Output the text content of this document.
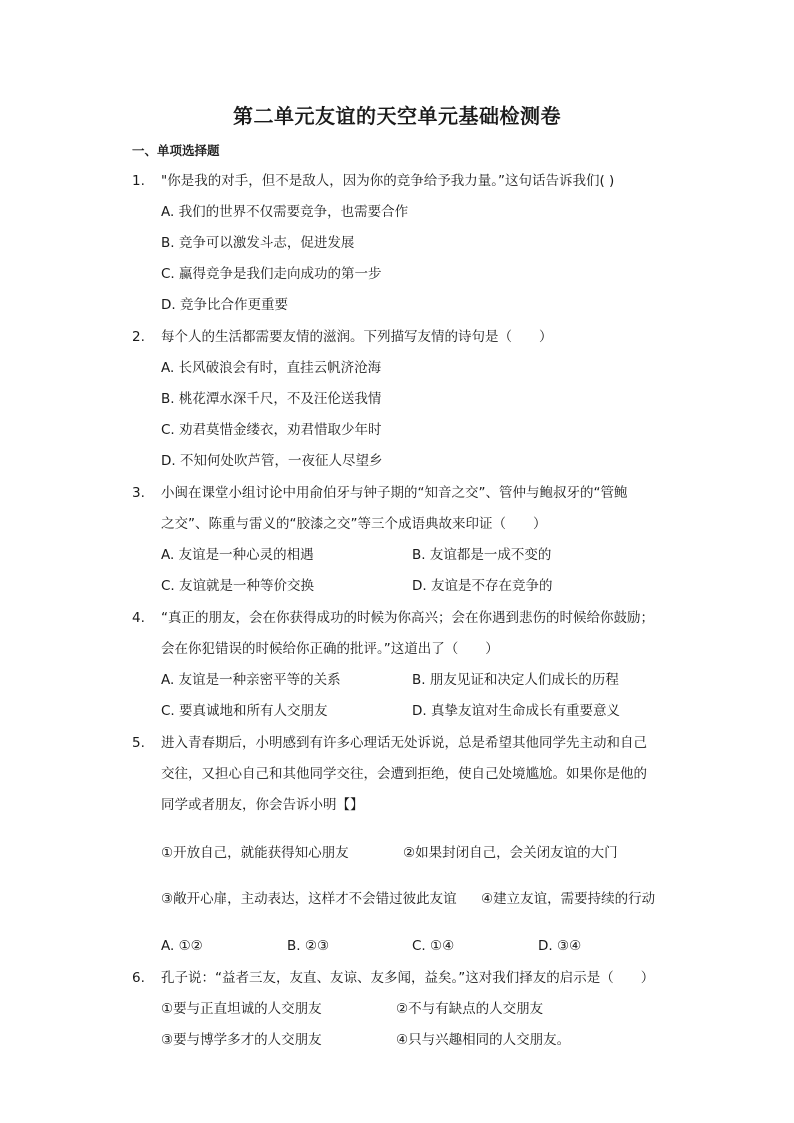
第二单元友谊的天空单元基础检测卷
一、单项选择题
1.	"你是我的对手，但不是敌人，因为你的竞争给予我力量。”这句话告诉我们( )
A. 我们的世界不仅需要竞争，也需要合作
B. 竞争可以激发斗志，促进发展
C. 赢得竞争是我们走向成功的第一步
D. 竞争比合作更重要
2.	每个人的生活都需要友情的滋润。下列描写友情的诗句是（　　）
A. 长风破浪会有时，直挂云帆济沧海
B. 桃花潭水深千尺，不及汪伦送我情
C. 劝君莫惜金缕衣，劝君惜取少年时
D. 不知何处吹芦管，一夜征人尽望乡
3.	小闽在课堂小组讨论中用俞伯牙与钟子期的“知音之交”、管仲与鲍叔牙的“管鲍
之交”、陈重与雷义的“胶漆之交”等三个成语典故来印证（　　）
A. 友谊是一种心灵的相遇	B. 友谊都是一成不变的
C. 友谊就是一种等价交换	D. 友谊是不存在竞争的
4.	“真正的朋友，会在你获得成功的时候为你高兴；会在你遇到悲伤的时候给你鼓励；
会在你犯错误的时候给你正确的批评。”这道出了（　　）
A. 友谊是一种亲密平等的关系	B. 朋友见证和决定人们成长的历程
C. 要真诚地和所有人交朋友	D. 真挚友谊对生命成长有重要意义
5.	进入青春期后，小明感到有许多心理话无处诉说，总是希望其他同学先主动和自己
交往，又担心自己和其他同学交往，会遭到拒绝，使自己处境尴尬。如果你是他的
同学或者朋友，你会告诉小明【】
①开放自己，就能获得知心朋友	②如果封闭自己，会关闭友谊的大门
③敞开心扉，主动表达，这样才不会错过彼此友谊 ④建立友谊，需要持续的行动
A. ①②	B. ②③	C. ①④	D. ③④
6.	孔子说：“益者三友，友直、友谅、友多闻，益矣。”这对我们择友的启示是（　　）
①要与正直坦诚的人交朋友	②不与有缺点的人交朋友
③要与博学多才的人交朋友	④只与兴趣相同的人交朋友。
